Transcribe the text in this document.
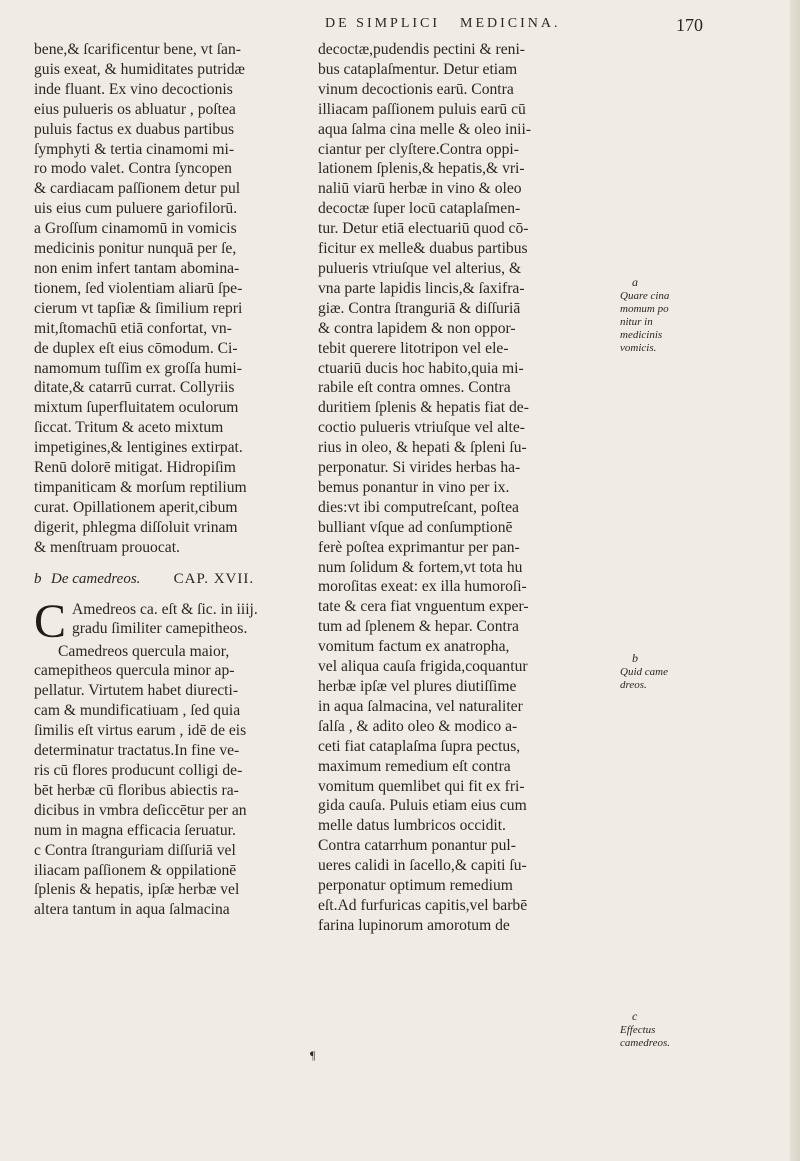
DE SIMPLICI MEDICINA.	170
bene,& ſcarificentur bene, vt ſan-
guis exeat, & humiditates putridæ
inde fluant. Ex vino decoctionis
eius pulueris os abluatur , poſtea
puluis factus ex duabus partibus
ſymphyti & tertia cinamomi mi-
ro modo valet. Contra ſyncopen
& cardiacam paſſionem detur pul
uis eius cum puluere gariofilorū.
a Groſſum cinamomū in vomicis
medicinis ponitur nunquā per ſe,
non enim infert tantam abomina-
tionem, ſed violentiam aliarū ſpe-
cierum vt tapſiæ & ſimilium repri
mit,ſtomachū etiā confortat, vn-
de duplex eſt eius cōmodum. Ci-
namomum tuſſim ex groſſa humi-
ditate,& catarrū currat. Collyriis
mixtum ſuperfluitatem oculorum
ſiccat. Tritum & aceto mixtum
impetigines,& lentigines extirpat.
Renū dolorē mitigat. Hidropiſim
timpaniticam & morſum reptilium
curat. Opillationem aperit,cibum
digerit, phlegma diſſoluit vrinam
& menſtruam prouocat.
b De camedreos. CAP. XVII.
C Amedreos ca. eſt & ſic. in iiij.
gradu ſimiliter camepitheos.
Camedreos quercula maior,
camepitheos quercula minor ap-
pellatur. Virtutem habet diurecti-
cam & mundificatiuam , ſed quia
ſimilis eſt virtus earum , idē de eis
determinatur tractatus.In fine ve-
ris cū flores producunt colligi de-
bēt herbæ cū floribus abiectis ra-
dicibus in vmbra deſiccētur per an
num in magna efficacia ſeruatur.
c Contra ſtranguriam diſſuriā vel
iliacam paſſionem & oppilationē
ſplenis & hepatis, ipſæ herbæ vel
altera tantum in aqua ſalmacina
decoctæ,pudendis pectini & reni-
bus cataplaſmentur. Detur etiam
vinum decoctionis earū. Contra
illiacam paſſionem puluis earū cū
aqua ſalma cina melle & oleo inii-
ciantur per clyſtere.Contra oppi-
lationem ſplenis,& hepatis,& vri-
naliū viarū herbæ in vino & oleo
decoctæ ſuper locū cataplaſmen-
tur. Detur etiā electuariū quod cō-
ficitur ex melle& duabus partibus
pulueris vtriuſque vel alterius, &
vna parte lapidis lincis,& ſaxifra-
giæ. Contra ſtranguriā & diſſuriā
& contra lapidem & non oppor-
tebit querere litotripon vel ele-
ctuariū ducis hoc habito,quia mi-
rabile eſt contra omnes. Contra
duritiem ſplenis & hepatis fiat de-
coctio pulueris vtriuſque vel alte-
rius in oleo, & hepati & ſpleni ſu-
perponatur. Si virides herbas ha-
bemus ponantur in vino per ix.
dies:vt ibi computreſcant, poſtea
bulliant vſque ad conſumptionē
ferè poſtea exprimantur per pan-
num ſolidum & fortem,vt tota hu
moroſitas exeat: ex illa humoroſi-
tate & cera fiat vnguentum exper-
tum ad ſplenem & hepar. Contra
vomitum factum ex anatropha,
vel aliqua cauſa frigida,coquantur
herbæ ipſæ vel plures diutiſſime
in aqua ſalmacina, vel naturaliter
ſalſa , & adito oleo & modico a-
ceti fiat cataplaſma ſupra pectus,
maximum remedium eſt contra
vomitum quemlibet qui fit ex fri-
gida cauſa. Puluis etiam eius cum
melle datus lumbricos occidit.
Contra catarrhum ponantur pul-
ueres calidi in ſacello,& capiti ſu-
perponatur optimum remedium
eſt.Ad furfuricas capitis,vel barbē
farina lupinorum amorotum de
a
Quare cina
momum po
nitur in
medicinis
vomicis.
b
Quid came
dreos.
c
Effectus
camedreos.
¶
